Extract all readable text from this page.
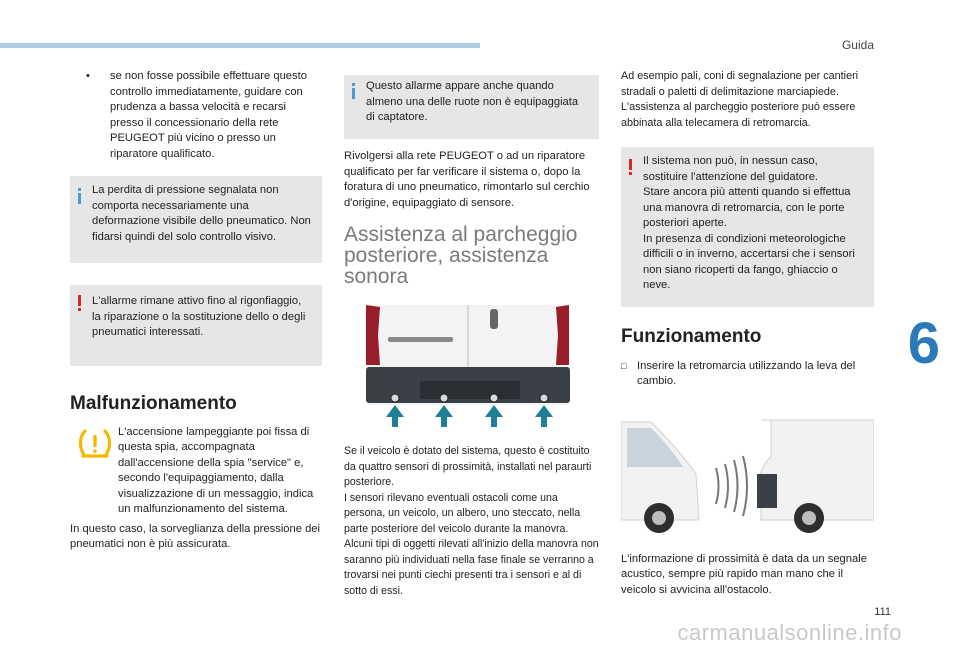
Guida
6
111
carmanualsonline.info
•	se non fosse possibile effettuare questo controllo immediatamente, guidare con prudenza a bassa velocità e recarsi presso il concessionario della rete PEUGEOT più vicino o presso un riparatore qualificato.

La perdita di pressione segnalata non comporta necessariamente una deformazione visibile dello pneumatico. Non fidarsi quindi del solo controllo visivo.

L'allarme rimane attivo fino al rigonfiaggio, la riparazione o la sostituzione dello o degli pneumatici interessati.

Malfunzionamento

L'accensione lampeggiante poi fissa di questa spia, accompagnata dall'accensione della spia "service" e, secondo l'equipaggiamento, dalla visualizzazione di un messaggio, indica un malfunzionamento del sistema.

In questo caso, la sorveglianza della pressione dei pneumatici non è più assicurata.

Questo allarme appare anche quando almeno una delle ruote non è equipaggiata di captatore.

Rivolgersi alla rete PEUGEOT o ad un riparatore qualificato per far verificare il sistema o, dopo la foratura di uno pneumatico, rimontarlo sul cerchio d'origine, equipaggiato di sensore.

Assistenza al parcheggio posteriore, assistenza sonora

Se il veicolo è dotato del sistema, questo è costituito da quattro sensori di prossimità, installati nel paraurti posteriore.

I sensori rilevano eventuali ostacoli come una persona, un veicolo, un albero, uno steccato, nella parte posteriore del veicolo durante la manovra. Alcuni tipi di oggetti rilevati all'inizio della manovra non saranno più individuati nella fase finale se verranno a trovarsi nei punti ciechi presenti tra i sensori e al di sotto di essi.

Ad esempio pali, coni di segnalazione per cantieri stradali o paletti di delimitazione marciapiede. L'assistenza al parcheggio posteriore può essere abbinata alla telecamera di retromarcia.

Il sistema non può, in nessun caso, sostituire l'attenzione del guidatore.

Stare ancora più attenti quando si effettua una manovra di retromarcia, con le porte posteriori aperte.

In presenza di condizioni meteorologiche difficili o in inverno, accertarsi che i sensori non siano ricoperti da fango, ghiaccio o neve.

Funzionamento
□ Inserire la retromarcia utilizzando la leva del cambio.

L'informazione di prossimità è data da un segnale acustico, sempre più rapido man mano che il veicolo si avvicina all'ostacolo.
